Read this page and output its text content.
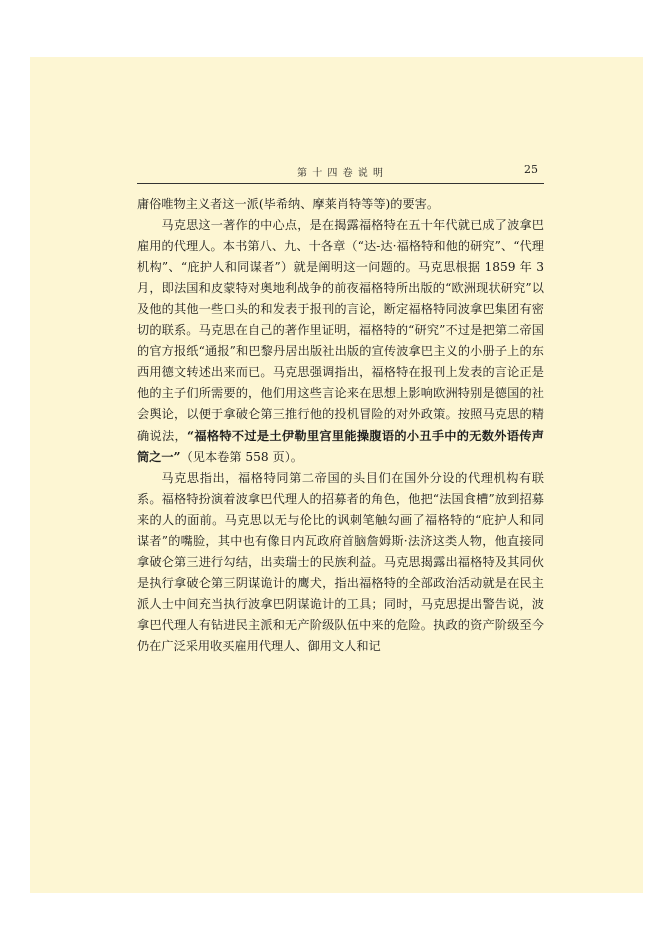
第 十 四 卷 说 明	25

庸俗唯物主义者这一派(毕希纳、摩莱肖特等等)的要害。

马克思这一著作的中心点，是在揭露福格特在五十年代就已成了波拿巴雇用的代理人。本书第八、九、十各章（“达-达·福格特和他的研究”、“代理机构”、“庇护人和同谋者”）就是阐明这一问题的。马克思根据 1859 年 3 月，即法国和皮蒙特对奥地利战争的前夜福格特所出版的“欧洲现状研究”以及他的其他一些口头的和发表于报刊的言论，断定福格特同波拿巴集团有密切的联系。马克思在自己的著作里证明，福格特的“研究”不过是把第二帝国的官方报纸“通报”和巴黎丹居出版社出版的宣传波拿巴主义的小册子上的东西用德文转述出来而已。马克思强调指出，福格特在报刊上发表的言论正是他的主子们所需要的，他们用这些言论来在思想上影响欧洲特别是德国的社会舆论，以便于拿破仑第三推行他的投机冒险的对外政策。按照马克思的精确说法，“福格特不过是土伊勒里宫里能操腹语的小丑手中的无数外语传声筒之一”（见本卷第 558 页）。

马克思指出，福格特同第二帝国的头目们在国外分设的代理机构有联系。福格特扮演着波拿巴代理人的招募者的角色，他把“法国食槽”放到招募来的人的面前。马克思以无与伦比的讽刺笔触勾画了福格特的“庇护人和同谋者”的嘴脸，其中也有像日内瓦政府首脑詹姆斯·法济这类人物，他直接同拿破仑第三进行勾结，出卖瑞士的民族利益。马克思揭露出福格特及其同伙是执行拿破仑第三阴谋诡计的鹰犬，指出福格特的全部政治活动就是在民主派人士中间充当执行波拿巴阴谋诡计的工具；同时，马克思提出警告说，波拿巴代理人有钻进民主派和无产阶级队伍中来的危险。执政的资产阶级至今仍在广泛采用收买雇用代理人、御用文人和记
